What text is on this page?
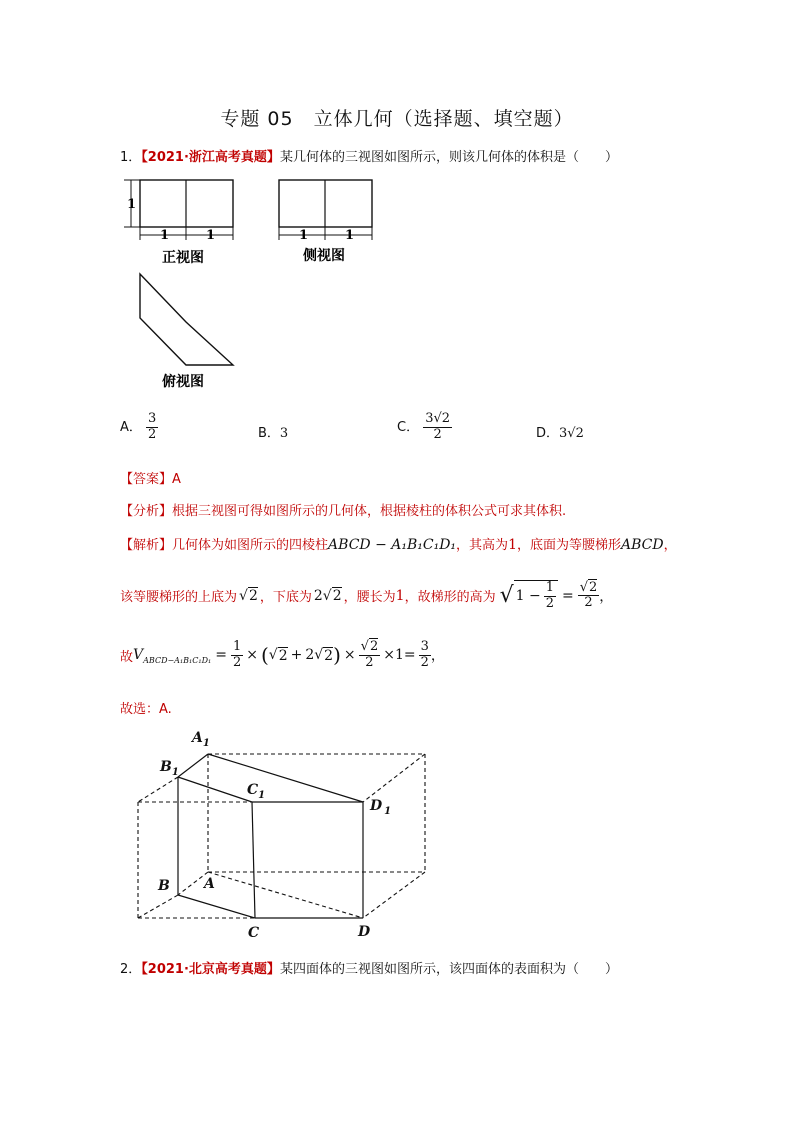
专题 05　立体几何（选择题、填空题）
1．【2021·浙江高考真题】某几何体的三视图如图所示，则该几何体的体积是（　　）
1
1	1
正视图
1	1
侧视图
俯视图
A． $\frac{3}{2}$	B．3	C． $\frac{3√2}{2}$	D．3√2
【答案】A
【分析】根据三视图可得如图所示的几何体，根据棱柱的体积公式可求其体积.
【解析】几何体为如图所示的四棱柱ABCD − A₁B₁C₁D₁，其高为1，底面为等腰梯形ABCD，
该等腰梯形的上底为 √2 ，下底为 2√2 ，腰长为 1 ，故梯形的高为 √ $1 - \frac{1}{2} = \frac{√2}{2}$ ，
故 $V_{ABCD-A_1B_1C_1D_1} = \frac{1}{2}$ × ( √ 2 + 2√ 2 ) × $\frac{√2}{2} \times 1= \frac{3}{2}$ ，
故选：A.
$A_1$
$B_1$
$C_1$
D $_1$
A
B
C	D
2．【2021·北京高考真题】某四面体的三视图如图所示，该四面体的表面积为（　　）
